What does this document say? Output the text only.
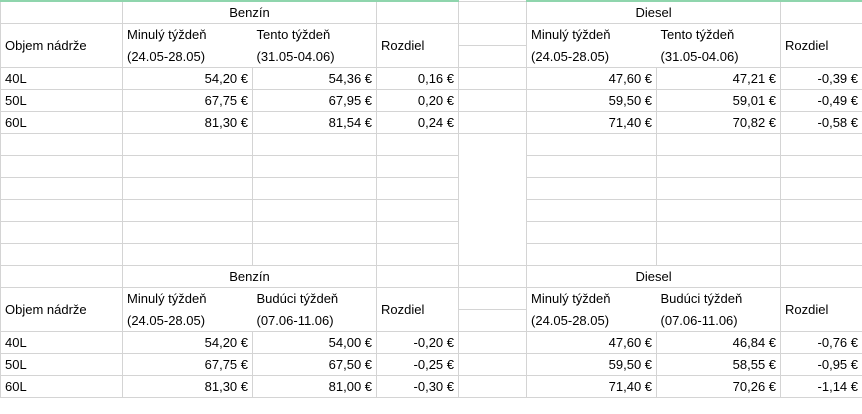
	Benzín				Diesel		
Objem nádrže	Minulý týždeň	Tento týždeň	Rozdiel		Minulý týždeň	Tento týždeň	Rozdiel
	(24.05-28.05)	(31.05-04.06)			(24.05-28.05)	(31.05-04.06)	
40L	54,20 €	54,36 €	0,16 €		47,60 €	47,21 €	-0,39 €
50L	67,75 €	67,95 €	0,20 €		59,50 €	59,01 €	-0,49 €
60L	81,30 €	81,54 €	0,24 €		71,40 €	70,82 €	-0,58 €

	Benzín				Diesel		
Objem nádrže	Minulý týždeň	Budúci týždeň	Rozdiel		Minulý týždeň	Budúci týždeň	Rozdiel
	(24.05-28.05)	(07.06-11.06)			(24.05-28.05)	(07.06-11.06)	
40L	54,20 €	54,00 €	-0,20 €		47,60 €	46,84 €	-0,76 €
50L	67,75 €	67,50 €	-0,25 €		59,50 €	58,55 €	-0,95 €
60L	81,30 €	81,00 €	-0,30 €		71,40 €	70,26 €	-1,14 €
